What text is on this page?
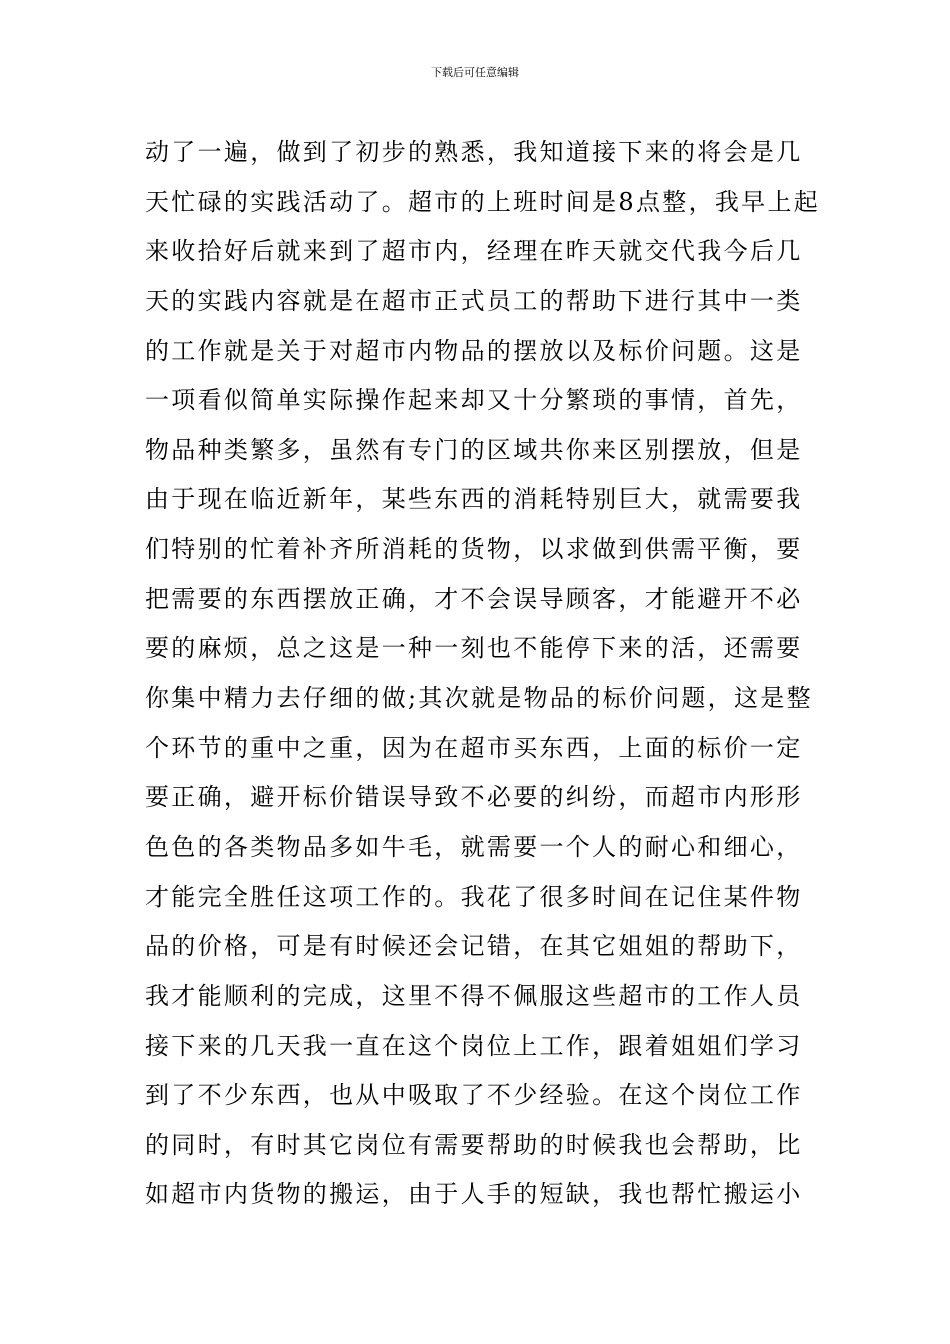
下载后可任意编辑
动了一遍，做到了初步的熟悉，我知道接下来的将会是几
天忙碌的实践活动了。超市的上班时间是8点整，我早上起
来收拾好后就来到了超市内，经理在昨天就交代我今后几
天的实践内容就是在超市正式员工的帮助下进行其中一类
的工作就是关于对超市内物品的摆放以及标价问题。这是
一项看似简单实际操作起来却又十分繁琐的事情，首先，
物品种类繁多，虽然有专门的区域共你来区别摆放，但是
由于现在临近新年，某些东西的消耗特别巨大，就需要我
们特别的忙着补齐所消耗的货物，以求做到供需平衡，要
把需要的东西摆放正确，才不会误导顾客，才能避开不必
要的麻烦，总之这是一种一刻也不能停下来的活，还需要
你集中精力去仔细的做;其次就是物品的标价问题，这是整
个环节的重中之重，因为在超市买东西，上面的标价一定
要正确，避开标价错误导致不必要的纠纷，而超市内形形
色色的各类物品多如牛毛，就需要一个人的耐心和细心，
才能完全胜任这项工作的。我花了很多时间在记住某件物
品的价格，可是有时候还会记错，在其它姐姐的帮助下，
我才能顺利的完成，这里不得不佩服这些超市的工作人员
接下来的几天我一直在这个岗位上工作，跟着姐姐们学习
到了不少东西，也从中吸取了不少经验。在这个岗位工作
的同时，有时其它岗位有需要帮助的时候我也会帮助，比
如超市内货物的搬运，由于人手的短缺，我也帮忙搬运小
